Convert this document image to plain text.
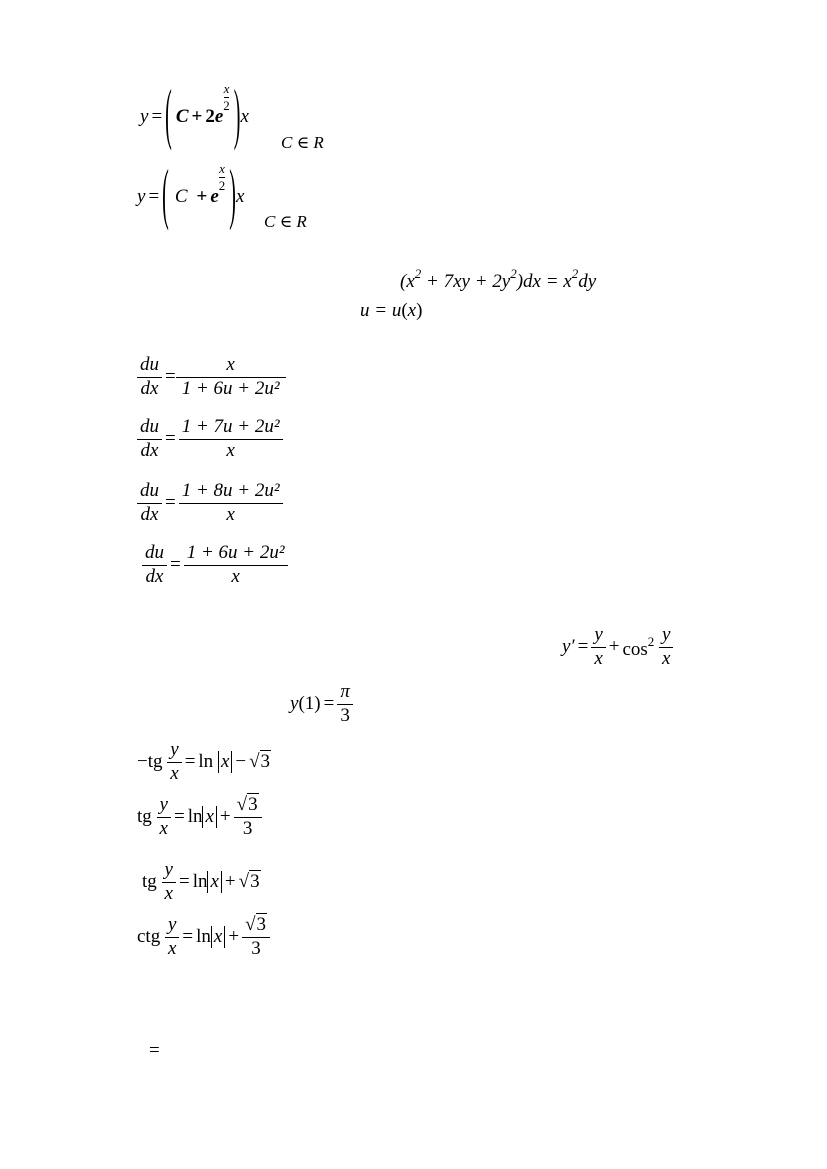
y = ( C + 2 e
x
2 ) x
C ∈ R
y = ( C + e
x
2 ) x
C ∈ R
$(x^2 + 7xy + 2y^2)dx = x^2dy$
u = u(x)
$\frac{du}{dx} = \frac{x}{\text{1 + 6u + 2u²}}$
$\frac{du}{dx} = \frac{\text{1 + 7u + 2u²}}{x}$
$\frac{du}{dx} = \frac{\text{1 + 8u + 2u²}}{x}$
$\frac{du}{dx} = \frac{\text{1 + 6u + 2u²}}{x}$
$y' = \frac{y}{x} + \cos^2$
$\frac{y}{x}$
y $(1) = \frac{\pi}{3}$
$-tg \frac{y}{x} = \ln x - √3$
tg $\frac{y}{x} = \ln x + \frac{√3}{3}$
tg $\frac{y}{x} = \ln x + √3$
ctg $\frac{y}{x} = \ln x + \frac{√3}{3}$
=
